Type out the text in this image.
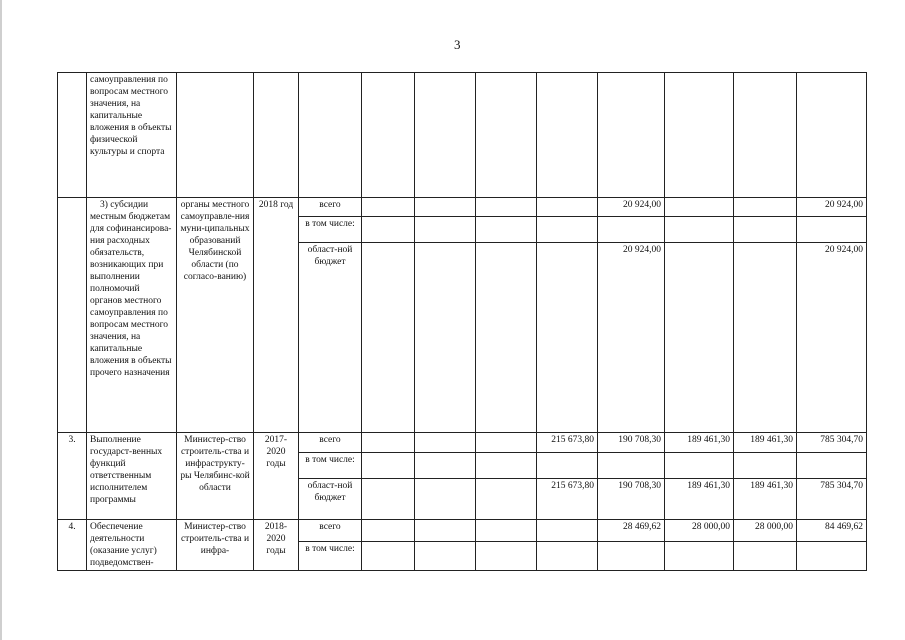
3
	самоуправления по вопросам местного значения, на капитальные вложения в объекты физической культуры и спорта											
	3) субсидии местным бюджетам для софинансирова-ния расходных обязательств, возникающих при выполнении полномочий органов местного самоуправления по вопросам местного значения, на капитальные вложения в объекты прочего назначения	органы местного самоуправле-ния муни-ципальных образований Челябинской области (по согласо-ванию)	2018 год	всего					20 924,00			20 924,00
				в том числе:								
				област-ной бюджет					20 924,00			20 924,00
3.	Выполнение государст-венных функций ответственным исполнителем программы	Министер-ство строитель-ства и инфраструкту-ры Челябинс-кой области	2017-2020 годы	всего				215 673,80	190 708,30	189 461,30	189 461,30	785 304,70
				в том числе:								
				област-ной бюджет				215 673,80	190 708,30	189 461,30	189 461,30	785 304,70
4.	Обеспечение деятельности (оказание услуг) подведомствен-	Министер-ство строитель-ства и инфра-	2018-2020 годы	всего					28 469,62	28 000,00	28 000,00	84 469,62
				в том числе:								
